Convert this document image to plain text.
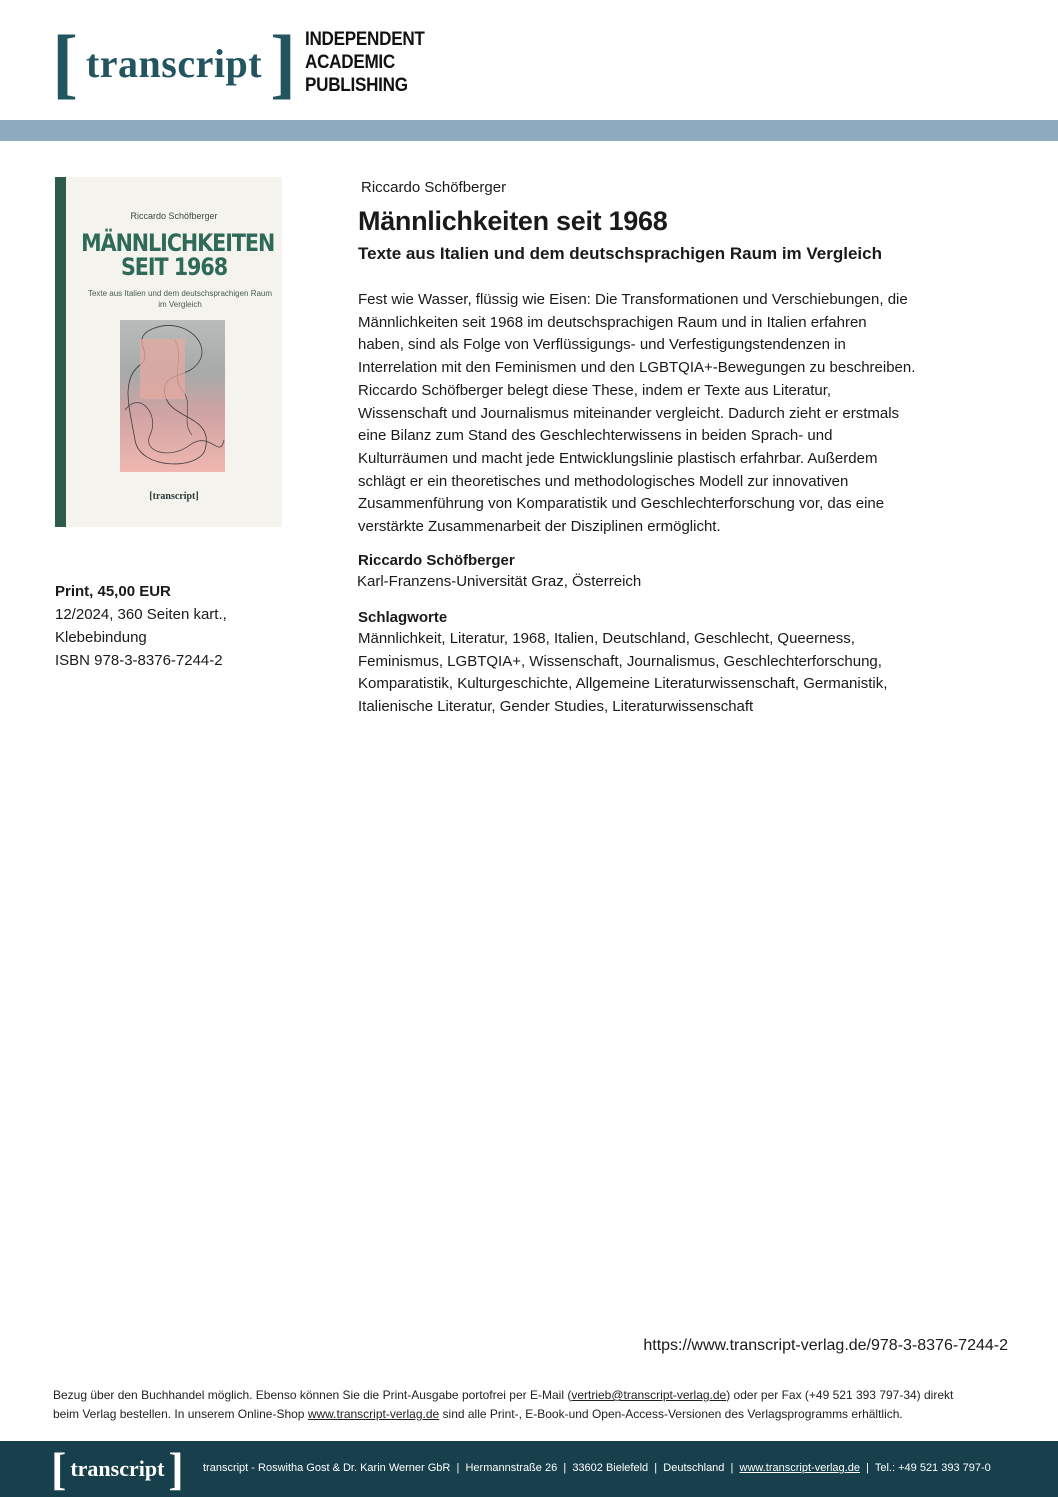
[ transcript ] INDEPENDENT
ACADEMIC
PUBLISHING
Riccardo Schöfberger
MÄNNLICHKEITEN
SEIT 1968
Texte aus Italien und dem deutschsprachigen Raum
im Vergleich
[transcript]
Print, 45,00 EUR
12/2024, 360 Seiten kart.,
Klebebindung
ISBN 978-3-8376-7244-2
Riccardo Schöfberger
Männlichkeiten seit 1968
Texte aus Italien und dem deutschsprachigen Raum im Vergleich
Fest wie Wasser, flüssig wie Eisen: Die Transformationen und Verschiebungen, die
Männlichkeiten seit 1968 im deutschsprachigen Raum und in Italien erfahren
haben, sind als Folge von Verflüssigungs- und Verfestigungstendenzen in
Interrelation mit den Feminismen und den LGBTQIA+-Bewegungen zu beschreiben.
Riccardo Schöfberger belegt diese These, indem er Texte aus Literatur,
Wissenschaft und Journalismus miteinander vergleicht. Dadurch zieht er erstmals
eine Bilanz zum Stand des Geschlechterwissens in beiden Sprach- und
Kulturräumen und macht jede Entwicklungslinie plastisch erfahrbar. Außerdem
schlägt er ein theoretisches und methodologisches Modell zur innovativen
Zusammenführung von Komparatistik und Geschlechterforschung vor, das eine
verstärkte Zusammenarbeit der Disziplinen ermöglicht.
Riccardo Schöfberger
Karl-Franzens-Universität Graz, Österreich
Schlagworte
Männlichkeit, Literatur, 1968, Italien, Deutschland, Geschlecht, Queerness,
Feminismus, LGBTQIA+, Wissenschaft, Journalismus, Geschlechterforschung,
Komparatistik, Kulturgeschichte, Allgemeine Literaturwissenschaft, Germanistik,
Italienische Literatur, Gender Studies, Literaturwissenschaft
https://www.transcript-verlag.de/978-3-8376-7244-2
Bezug über den Buchhandel möglich. Ebenso können Sie die Print-Ausgabe portofrei per E-Mail (vertrieb@transcript-verlag.de) oder per Fax (+49 521 393 797-34) direkt
beim Verlag bestellen. In unserem Online-Shop www.transcript-verlag.de sind alle Print-, E-Book-und Open-Access-Versionen des Verlagsprogramms erhältlich.
[ transcript ] transcript - Roswitha Gost & Dr. Karin Werner GbR | Hermannstraße 26 | 33602 Bielefeld | Deutschland | www.transcript-verlag.de | Tel.: +49 521 393 797-0
